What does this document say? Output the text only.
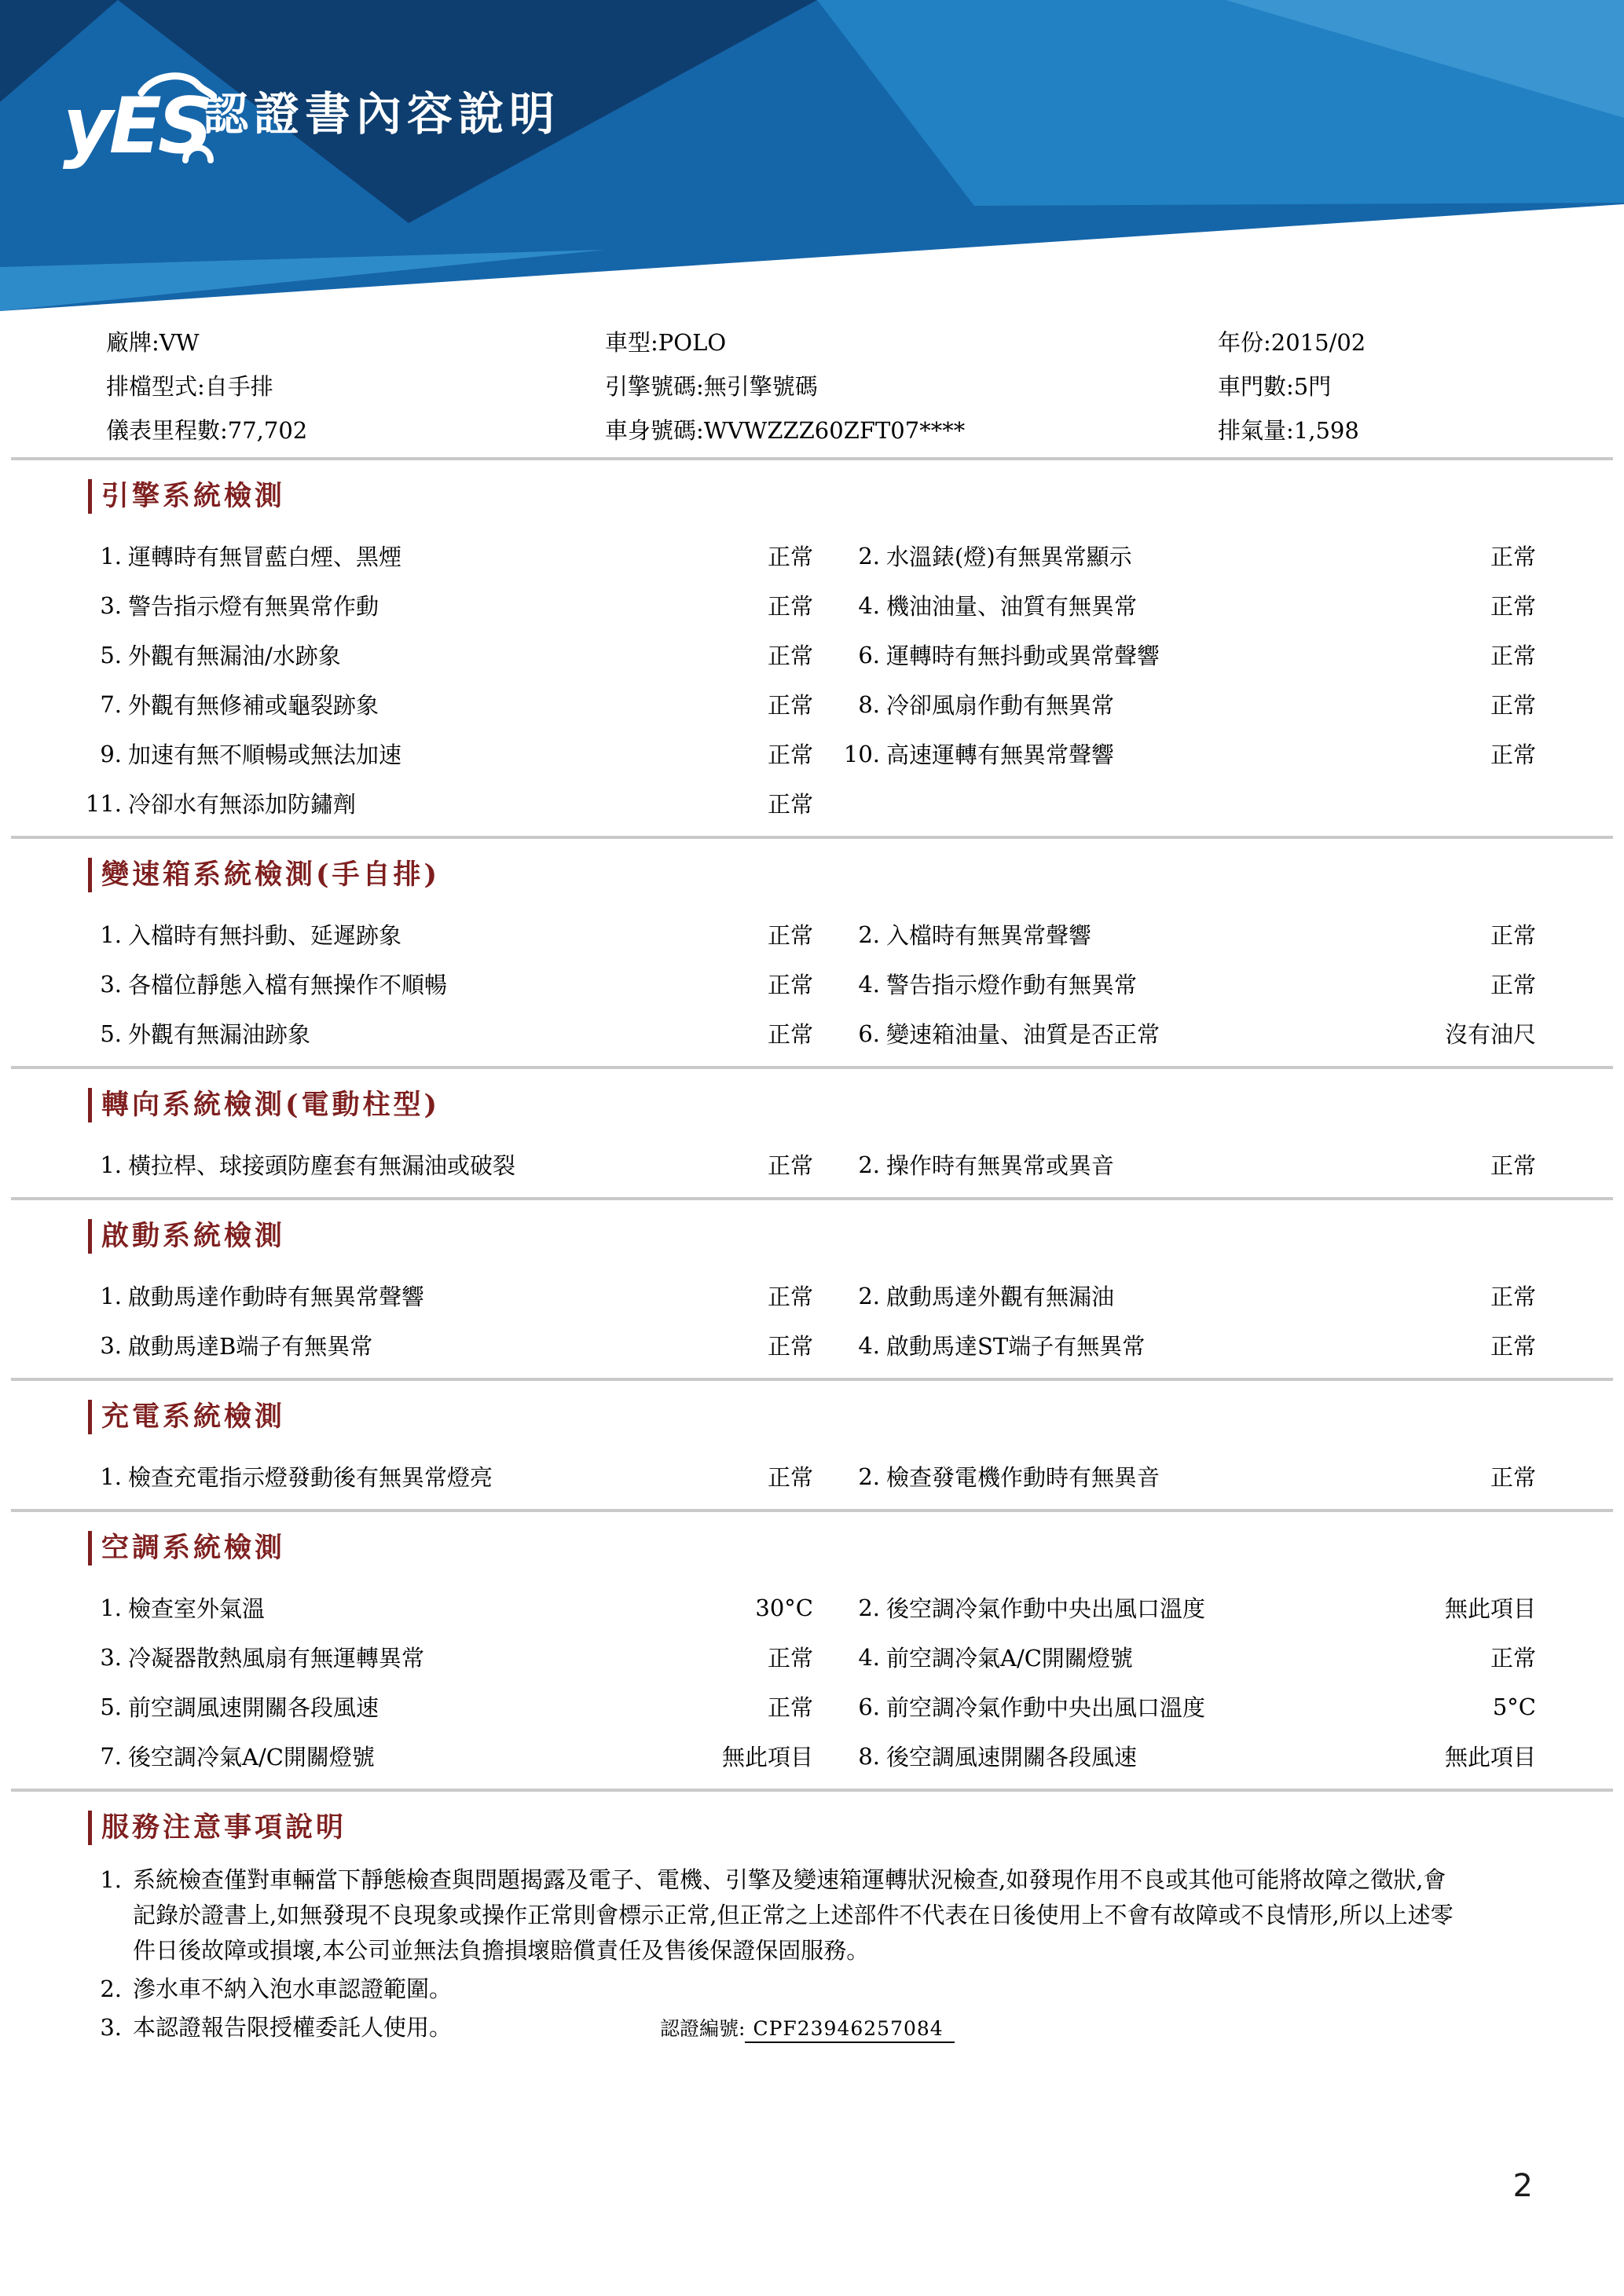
yES
認證書內容說明
廠牌:VW	車型:POLO	年份:2015/02
排檔型式:自手排	引擎號碼:無引擎號碼	車門數:5門
儀表里程數:77,702	車身號碼:WVWZZZ60ZFT07****	排氣量:1,598
引擎系統檢測
1. 運轉時有無冒藍白煙、黑煙	正常	2. 水溫錶(燈)有無異常顯示	正常
3. 警告指示燈有無異常作動	正常	4. 機油油量、油質有無異常	正常
5. 外觀有無漏油/水跡象	正常	6. 運轉時有無抖動或異常聲響	正常
7. 外觀有無修補或龜裂跡象	正常	8. 冷卻風扇作動有無異常	正常
9. 加速有無不順暢或無法加速	正常	10. 高速運轉有無異常聲響	正常
11. 冷卻水有無添加防鏽劑	正常
變速箱系統檢測(手自排)
1. 入檔時有無抖動、延遲跡象	正常	2. 入檔時有無異常聲響	正常
3. 各檔位靜態入檔有無操作不順暢	正常	4. 警告指示燈作動有無異常	正常
5. 外觀有無漏油跡象	正常	6. 變速箱油量、油質是否正常	沒有油尺
轉向系統檢測(電動柱型)
1. 橫拉桿、球接頭防塵套有無漏油或破裂	正常	2. 操作時有無異常或異音	正常
啟動系統檢測
1. 啟動馬達作動時有無異常聲響	正常	2. 啟動馬達外觀有無漏油	正常
3. 啟動馬達B端子有無異常	正常	4. 啟動馬達ST端子有無異常	正常
充電系統檢測
1. 檢查充電指示燈發動後有無異常燈亮	正常	2. 檢查發電機作動時有無異音	正常
空調系統檢測
1. 檢查室外氣溫	30°C	2. 後空調冷氣作動中央出風口溫度	無此項目
3. 冷凝器散熱風扇有無運轉異常	正常	4. 前空調冷氣A/C開關燈號	正常
5. 前空調風速開關各段風速	正常	6. 前空調冷氣作動中央出風口溫度	5°C
7. 後空調冷氣A/C開關燈號	無此項目	8. 後空調風速開關各段風速	無此項目
服務注意事項說明
1. 系統檢查僅對車輛當下靜態檢查與問題揭露及電子、電機、引擎及變速箱運轉狀況檢查,如發現作用不良或其他可能將故障之徵狀,會記錄於證書上,如無發現不良現象或操作正常則會標示正常,但正常之上述部件不代表在日後使用上不會有故障或不良情形,所以上述零件日後故障或損壞,本公司並無法負擔損壞賠償責任及售後保證保固服務。
2. 滲水車不納入泡水車認證範圍。
3. 本認證報告限授權委託人使用。	認證編號: CPF23946257084
2
